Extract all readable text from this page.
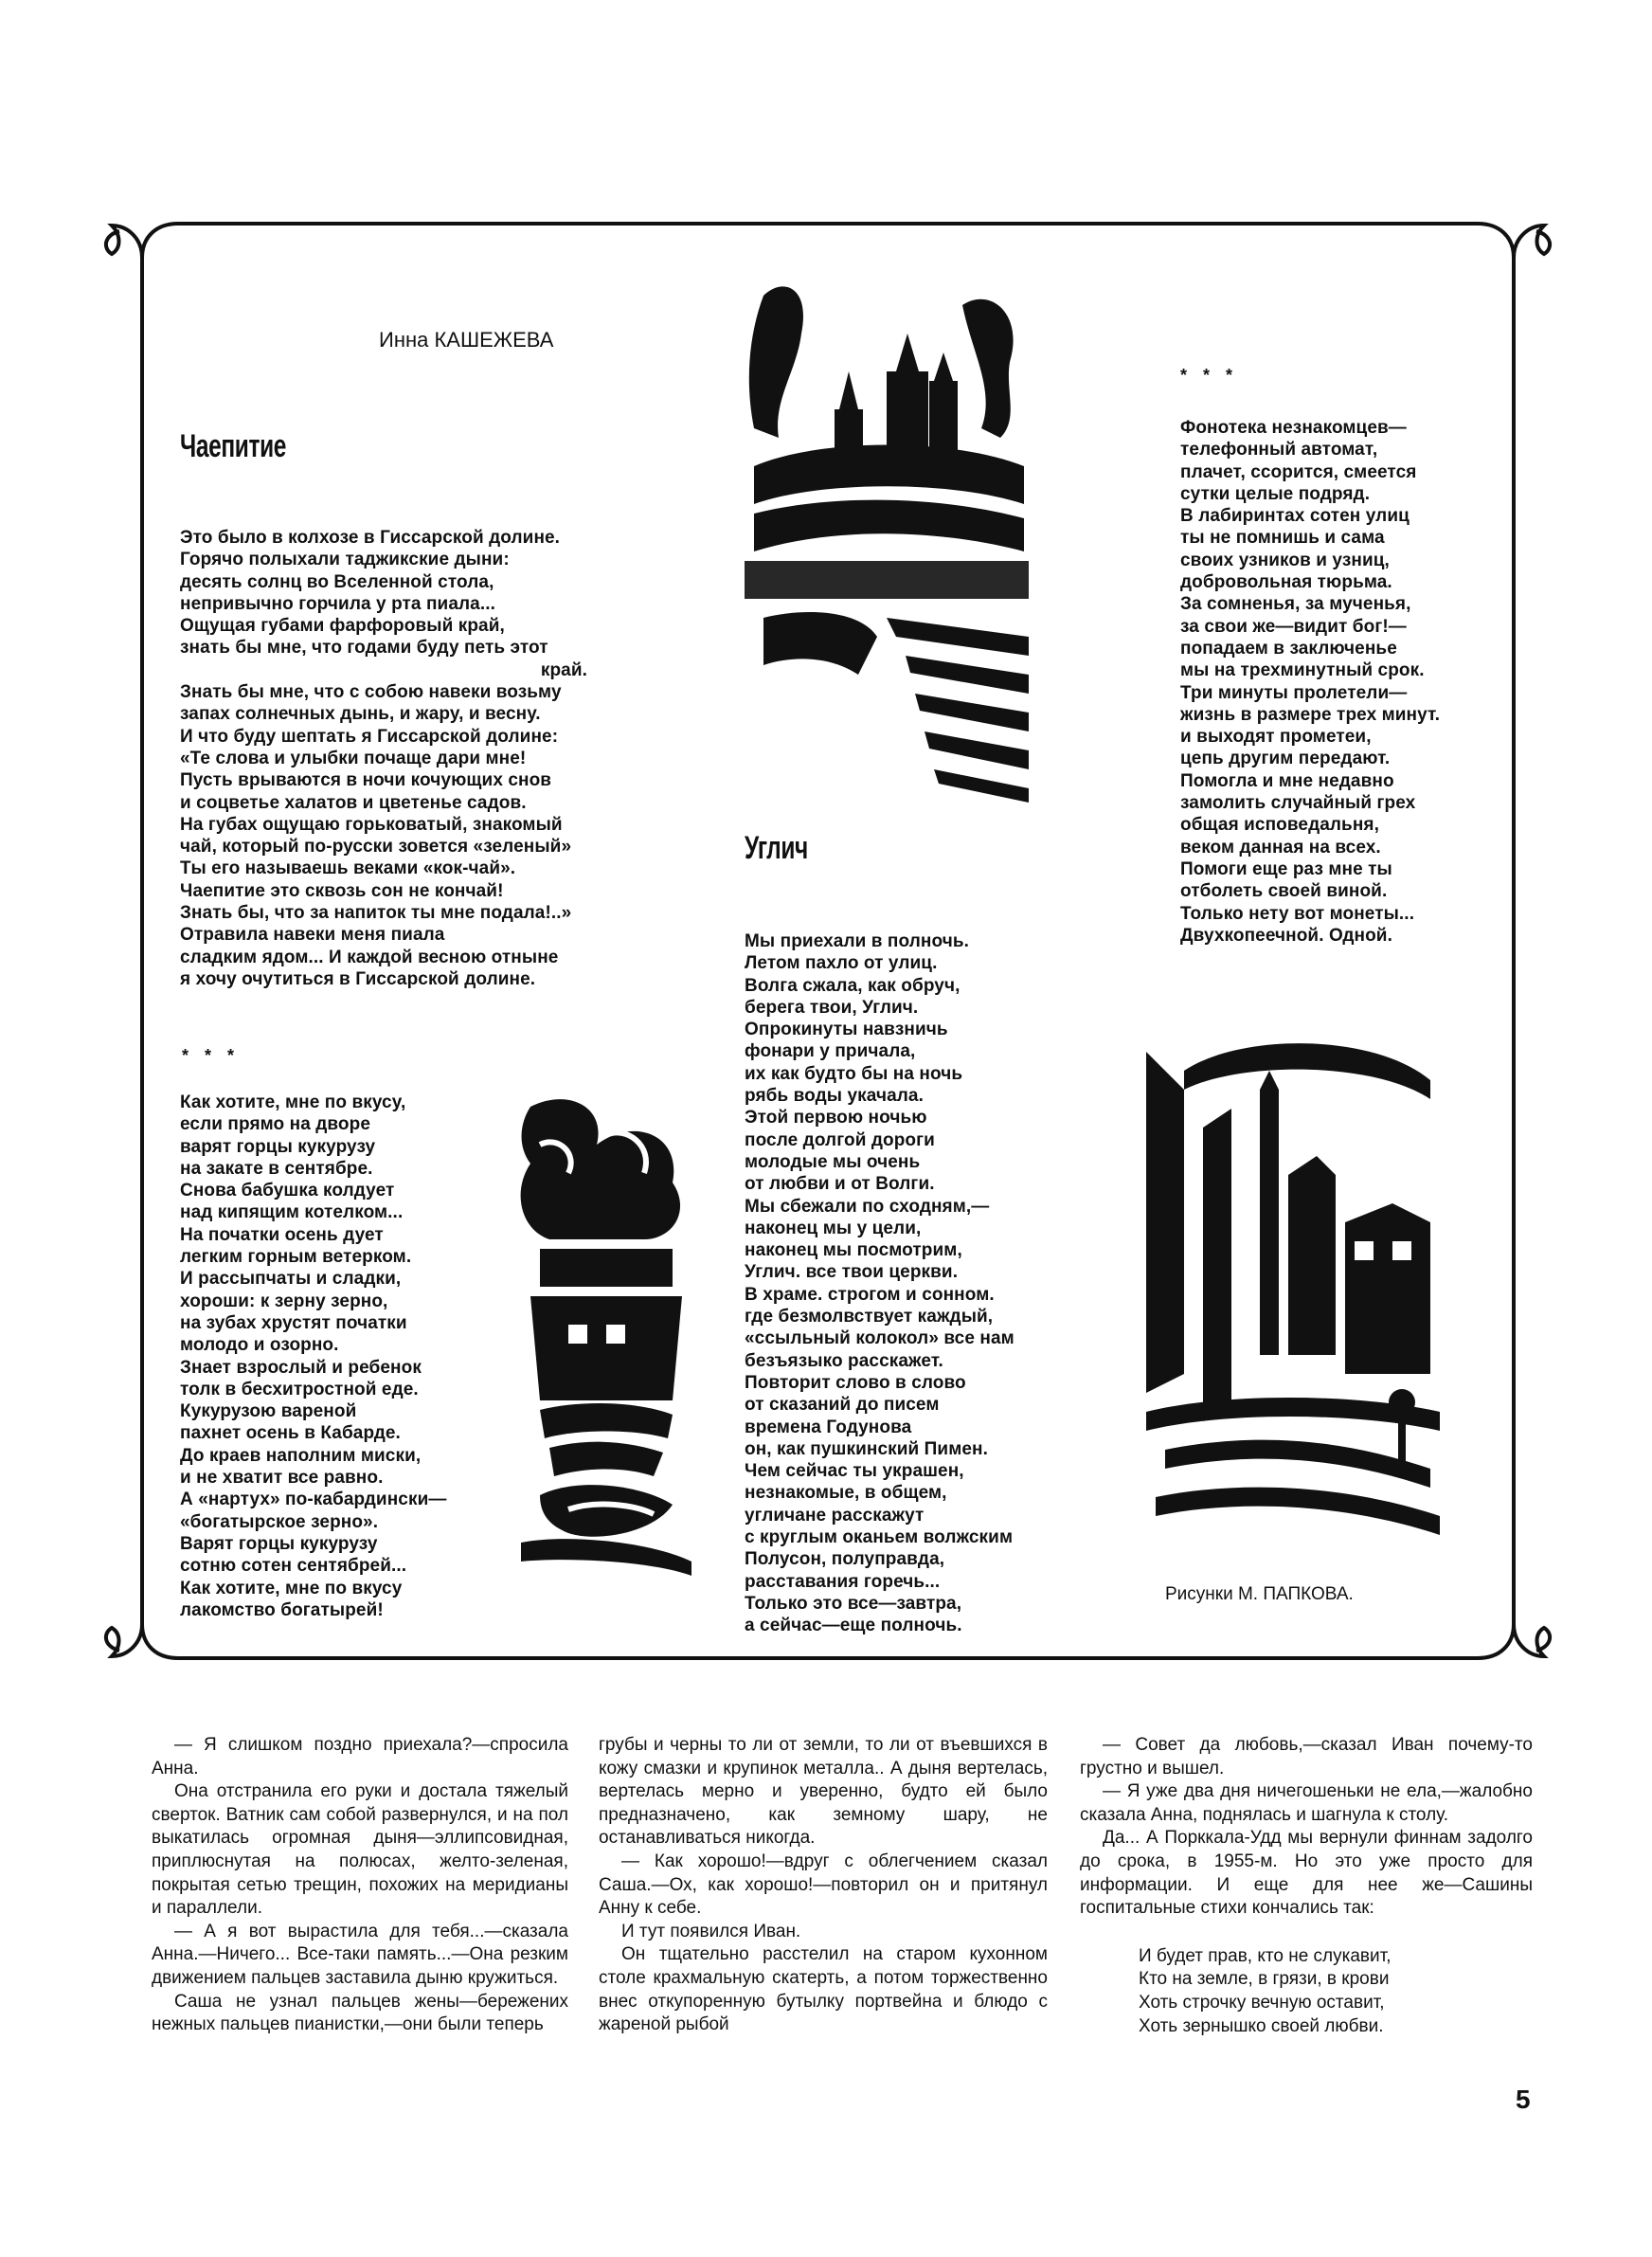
Инна КАШЕЖЕВА
Чаепитие
Это было в колхозе в Гиссарской долине.
Горячо полыхали таджикские дыни:
десять солнц во Вселенной стола,
непривычно горчила у рта пиала...
Ощущая губами фарфоровый край,
знать бы мне, что годами буду петь этот
край.
Знать бы мне, что с собою навеки возьму
запах солнечных дынь, и жару, и весну.
И что буду шептать я Гиссарской долине:
«Те слова и улыбки почаще дари мне!
Пусть врываются в ночи кочующих снов
и соцветье халатов и цветенье садов.
На губах ощущаю горьковатый, знакомый
чай, который по-русски зовется «зеленый»
Ты его называешь веками «кок-чай».
Чаепитие это сквозь сон не кончай!
Знать бы, что за напиток ты мне подала!..»
Отравила навеки меня пиала
сладким ядом... И каждой весною отныне
я хочу очутиться в Гиссарской долине.
* * *
Как хотите, мне по вкусу,
если прямо на дворе
варят горцы кукурузу
на закате в сентябре.
Снова бабушка колдует
над кипящим котелком...
На початки осень дует
легким горным ветерком.
И рассыпчаты и сладки,
хороши: к зерну зерно,
на зубах хрустят початки
молодо и озорно.
Знает взрослый и ребенок
толк в бесхитростной еде.
Кукурузою вареной
пахнет осень в Кабарде.
До краев наполним миски,
и не хватит все равно.
А «нартух» по-кабардински—
«богатырское зерно».
Варят горцы кукурузу
сотню сотен сентябрей...
Как хотите, мне по вкусу
лакомство богатырей!
Углич
Мы приехали в полночь.
Летом пахло от улиц.
Волга сжала, как обруч,
берега твои, Углич.
Опрокинуты навзничь
фонари у причала,
их как будто бы на ночь
рябь воды укачала.
Этой первою ночью
после долгой дороги
молодые мы очень
от любви и от Волги.
Мы сбежали по сходням,—
наконец мы у цели,
наконец мы посмотрим,
Углич. все твои церкви.
В храме. строгом и сонном.
где безмолвствует каждый,
«ссыльный колокол» все нам
безъязыко расскажет.
Повторит слово в слово
от сказаний до писем
времена Годунова
он, как пушкинский Пимен.
Чем сейчас ты украшен,
незнакомые, в общем,
угличане расскажут
с круглым оканьем волжским
Полусон, полуправда,
расставания горечь...
Только это все—завтра,
а сейчас—еще полночь.
* * *
Фонотека незнакомцев—
телефонный автомат,
плачет, ссорится, смеется
сутки целые подряд.
В лабиринтах сотен улиц
ты не помнишь и сама
своих узников и узниц,
добровольная тюрьма.
За сомненья, за мученья,
за свои же—видит бог!—
попадаем в заключенье
мы на трехминутный срок.
Три минуты пролетели—
жизнь в размере трех минут.
и выходят прометеи,
цепь другим передают.
Помогла и мне недавно
замолить случайный грех
общая исповедальня,
веком данная на всех.
Помоги еще раз мне ты
отболеть своей виной.
Только нету вот монеты...
Двухкопеечной. Одной.
Рисунки М. ПАПКОВА.

— Я слишком поздно приехала?—спросила Анна.

Она отстранила его руки и достала тяжелый сверток. Ватник сам собой развернулся, и на пол выкатилась огромная дыня—эллипсовидная, приплюснутая на полюсах, желто-зеленая, покрытая сетью трещин, похожих на меридианы и параллели.

— А я вот вырастила для тебя...—сказала Анна.—Ничего... Все-таки память...—Она резким движением пальцев заставила дыню кружиться.

Саша не узнал пальцев жены—бережених нежных пальцев пианистки,—они были теперь

грубы и черны то ли от земли, то ли от въевшихся в кожу смазки и крупинок металла.. А дыня вертелась, вертелась мерно и уверенно, будто ей было предназначено, как земному шару, не останавливаться никогда.

— Как хорошо!—вдруг с облегчением сказал Саша.—Ох, как хорошо!—повторил он и притянул Анну к себе.

И тут появился Иван.

Он тщательно расстелил на старом кухонном столе крахмальную скатерть, а потом торжественно внес откупоренную бутылку портвейна и блюдо с жареной рыбой

— Совет да любовь,—сказал Иван почему-то грустно и вышел.

— Я уже два дня ничегошеньки не ела,—жалобно сказала Анна, поднялась и шагнула к столу.

Да... А Порккала-Удд мы вернули финнам задолго до срока, в 1955-м. Но это уже просто для информации. И еще для нее же—Сашины госпитальные стихи кончались так:

И будет прав, кто не слукавит,

Кто на земле, в грязи, в крови

Хоть строчку вечную оставит,

Хоть зернышко своей любви.

5
